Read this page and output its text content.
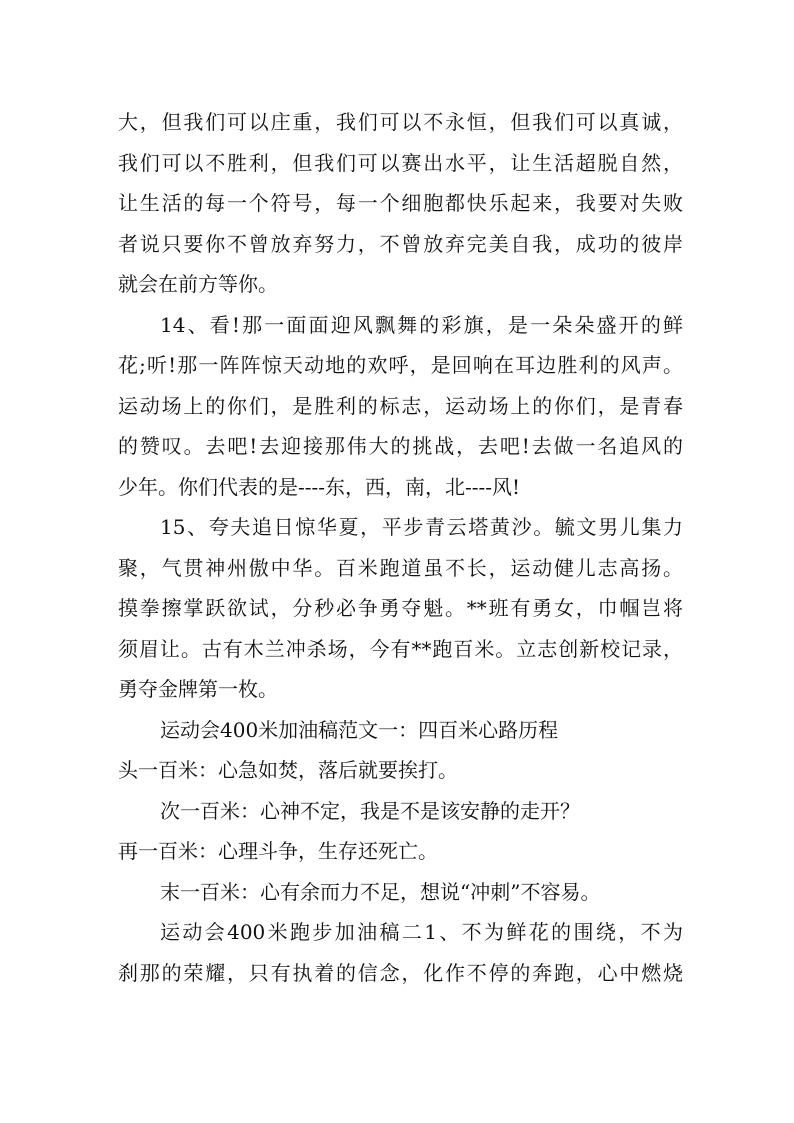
大，但我们可以庄重，我们可以不永恒，但我们可以真诚，
我们可以不胜利，但我们可以赛出水平，让生活超脱自然，
让生活的每一个符号，每一个细胞都快乐起来，我要对失败
者说只要你不曾放弃努力，不曾放弃完美自我，成功的彼岸
就会在前方等你。
14、看!那一面面迎风飘舞的彩旗，是一朵朵盛开的鲜
花;听!那一阵阵惊天动地的欢呼，是回响在耳边胜利的风声。
运动场上的你们，是胜利的标志，运动场上的你们，是青春
的赞叹。去吧!去迎接那伟大的挑战，去吧!去做一名追风的
少年。你们代表的是----东，西，南，北----风!
15、夸夫追日惊华夏，平步青云塔黄沙。毓文男儿集力
聚，气贯神州傲中华。百米跑道虽不长，运动健儿志高扬。
摸拳擦掌跃欲试，分秒必争勇夺魁。**班有勇女，巾帼岂将
须眉让。古有木兰冲杀场，今有**跑百米。立志创新校记录，
勇夺金牌第一枚。
运动会400米加油稿范文一：四百米心路历程
头一百米：心急如焚，落后就要挨打。
次一百米：心神不定，我是不是该安静的走开？
再一百米：心理斗争，生存还死亡。
末一百米：心有余而力不足，想说“冲刺”不容易。
运动会400米跑步加油稿二1、不为鲜花的围绕，不为
刹那的荣耀，只有执着的信念，化作不停的奔跑，心中燃烧
